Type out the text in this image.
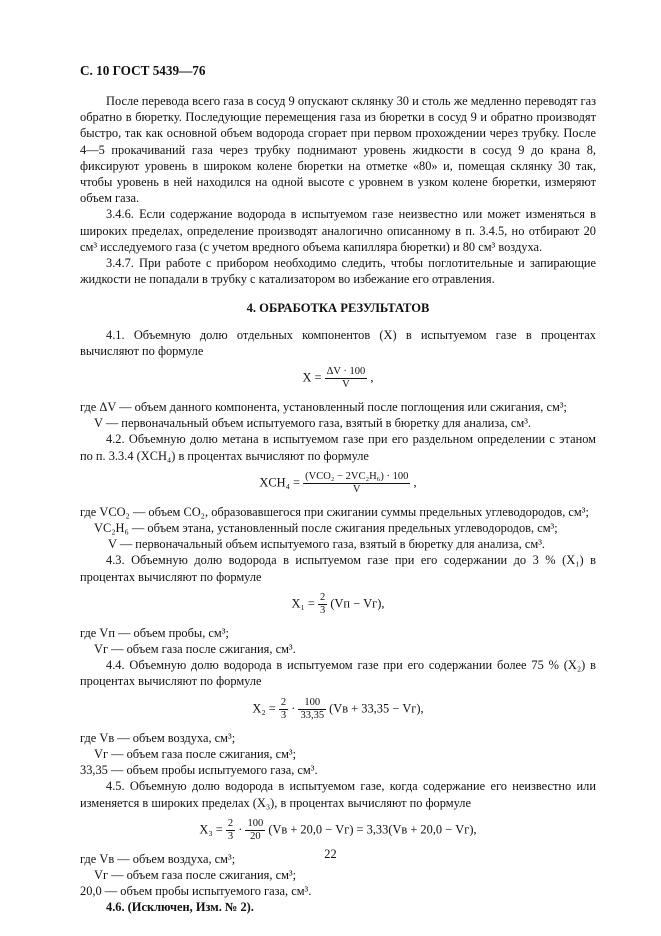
С. 10 ГОСТ 5439—76

После перевода всего газа в сосуд 9 опускают склянку 30 и столь же медленно переводят газ обратно в бюретку. Последующие перемещения газа из бюретки в сосуд 9 и обратно производят быстро, так как основной объем водорода сгорает при первом прохождении через трубку. После 4—5 прокачиваний газа через трубку поднимают уровень жидкости в сосуд 9 до крана 8, фиксируют уровень в широком колене бюретки на отметке «80» и, помещая склянку 30 так, чтобы уровень в ней находился на одной высоте с уровнем в узком колене бюретки, измеряют объем газа.

3.4.6. Если содержание водорода в испытуемом газе неизвестно или может изменяться в широких пределах, определение производят аналогично описанному в п. 3.4.5, но отбирают 20 см³ исследуемого газа (с учетом вредного объема капилляра бюретки) и 80 см³ воздуха.

3.4.7. При работе с прибором необходимо следить, чтобы поглотительные и запирающие жидкости не попадали в трубку с катализатором во избежание его отравления.

4. ОБРАБОТКА РЕЗУЛЬТАТОВ

4.1. Объемную долю отдельных компонентов (X) в испытуемом газе в процентах вычисляют по формуле

$X = \frac{\Delta V \cdot 100}{V}$ ,

где ΔV — объем данного компонента, установленный после поглощения или сжигания, см³;

V — первоначальный объем испытуемого газа, взятый в бюретку для анализа, см³.

4.2. Объемную долю метана в испытуемом газе при его раздельном определении с этаном по п. 3.3.4 (XCH₄) в процентах вычисляют по формуле

$XCH_4 = \frac{\text{(VCO₂ − 2VC₂H₆) · 100}}{V}$ ,

где VCO₂ — объем CO₂, образовавшегося при сжигании суммы предельных углеводородов, см³;

VC₂H₆ — объем этана, установленный после сжигания предельных углеводородов, см³;

V — первоначальный объем испытуемого газа, взятый в бюретку для анализа, см³.

4.3. Объемную долю водорода в испытуемом газе при его содержании до 3 % (X₁) в процентах вычисляют по формуле

$X_1 = \frac{2}{3} (Vп - Vг)$,

где Vп — объем пробы, см³;

Vг — объем газа после сжигания, см³.

4.4. Объемную долю водорода в испытуемом газе при его содержании более 75 % (X₂) в процентах вычисляют по формуле

$X_2 = \frac{2}{3} \cdot \frac{100}{33,35} (Vв + 33,35 - Vг)$,

где Vв — объем воздуха, см³;

Vг — объем газа после сжигания, см³;

33,35 — объем пробы испытуемого газа, см³.

4.5. Объемную долю водорода в испытуемом газе, когда содержание его неизвестно или изменяется в широких пределах (X₃), в процентах вычисляют по формуле

$X_3 = \frac{2}{3} \cdot \frac{100}{20} (Vв + 20,0 - Vг) = 3,33(Vв + 20,0 - Vг)$,

где Vв — объем воздуха, см³;

Vг — объем газа после сжигания, см³;

20,0 — объем пробы испытуемого газа, см³.

4.6. (Исключен, Изм. № 2).

22
